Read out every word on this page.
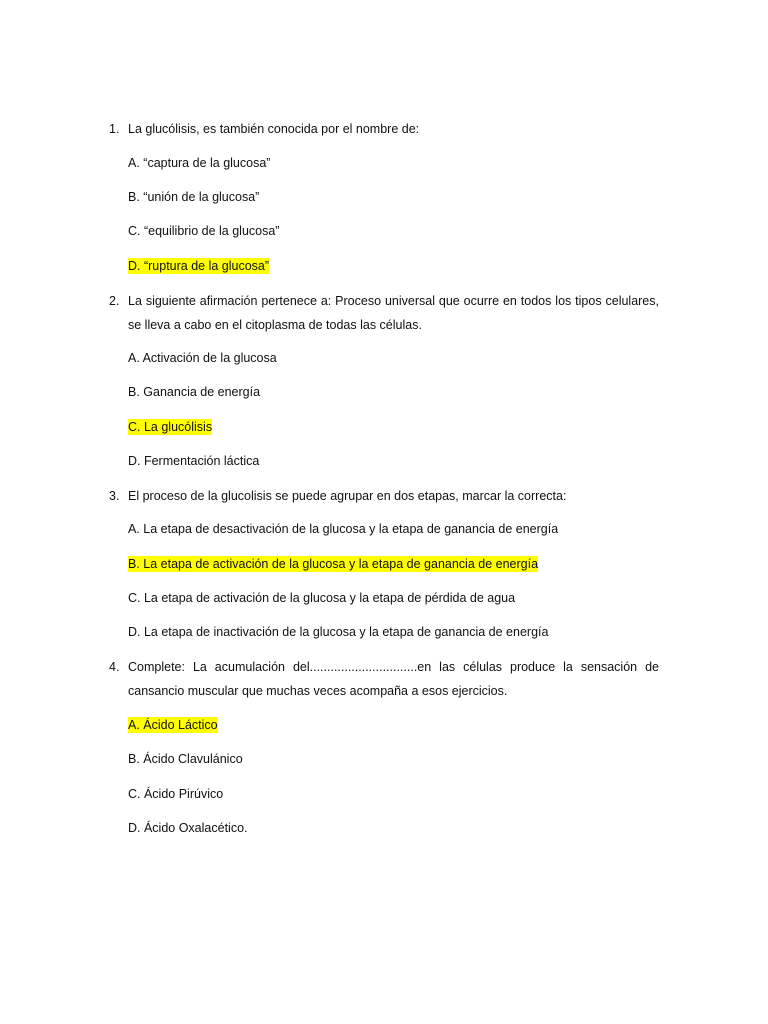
1. La glucólisis, es también conocida por el nombre de:
A. “captura de la glucosa”
B. “unión de la glucosa”
C. “equilibrio de la glucosa”
D. “ruptura de la glucosa”
2. La siguiente afirmación pertenece a: Proceso universal que ocurre en todos los tipos celulares, se lleva a cabo en el citoplasma de todas las células.
A. Activación de la glucosa
B. Ganancia de energía
C. La glucólisis
D. Fermentación láctica
3. El proceso de la glucolisis se puede agrupar en dos etapas, marcar la correcta:
A. La etapa de desactivación de la glucosa y la etapa de ganancia de energía
B. La etapa de activación de la glucosa y la etapa de ganancia de energía
C. La etapa de activación de la glucosa y la etapa de pérdida de agua
D. La etapa de inactivación de la glucosa y la etapa de ganancia de energía
4. Complete: La acumulación del...............................en las células produce la sensación de cansancio muscular que muchas veces acompaña a esos ejercicios.
A. Ácido Láctico
B. Ácido Clavulánico
C. Ácido Pirúvico
D. Ácido Oxalacético.
